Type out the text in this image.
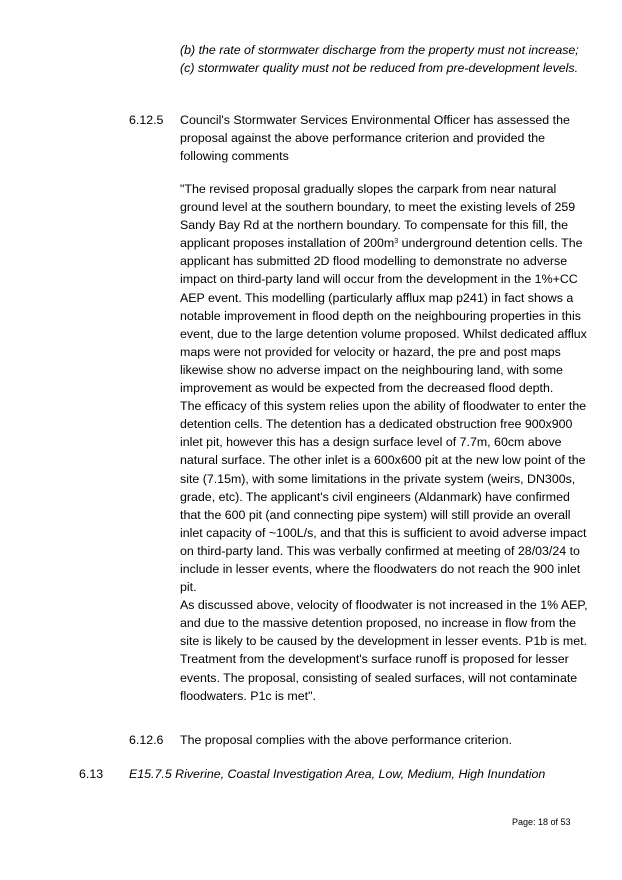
(b) the rate of stormwater discharge from the property must not increase;

(c) stormwater quality must not be reduced from pre-development levels.

6.12.5 Council's Stormwater Services Environmental Officer has assessed the proposal against the above performance criterion and provided the following comments

"The revised proposal gradually slopes the carpark from near natural ground level at the southern boundary, to meet the existing levels of 259 Sandy Bay Rd at the northern boundary. To compensate for this fill, the applicant proposes installation of $200m^3$ underground detention cells. The applicant has submitted 2D flood modelling to demonstrate no adverse impact on third-party land will occur from the development in the 1%+CC AEP event. This modelling (particularly afflux map p241) in fact shows a notable improvement in flood depth on the neighbouring properties in this event, due to the large detention volume proposed. Whilst dedicated afflux maps were not provided for velocity or hazard, the pre and post maps likewise show no adverse impact on the neighbouring land, with some improvement as would be expected from the decreased flood depth.

The efficacy of this system relies upon the ability of floodwater to enter the detention cells. The detention has a dedicated obstruction free 900x900 inlet pit, however this has a design surface level of 7.7m, 60cm above natural surface. The other inlet is a 600x600 pit at the new low point of the site (7.15m), with some limitations in the private system (weirs, DN300s, grade, etc). The applicant's civil engineers (Aldanmark) have confirmed that the 600 pit (and connecting pipe system) will still provide an overall inlet capacity of ~100L/s, and that this is sufficient to avoid adverse impact on third-party land. This was verbally confirmed at meeting of 28/03/24 to include in lesser events, where the floodwaters do not reach the 900 inlet pit.

As discussed above, velocity of floodwater is not increased in the 1% AEP, and due to the massive detention proposed, no increase in flow from the site is likely to be caused by the development in lesser events. P1b is met.

Treatment from the development's surface runoff is proposed for lesser events. The proposal, consisting of sealed surfaces, will not contaminate floodwaters. P1c is met".

6.12.6 The proposal complies with the above performance criterion.
6.13 E15.7.5 Riverine, Coastal Investigation Area, Low, Medium, High Inundation
Page: 18 of 53
